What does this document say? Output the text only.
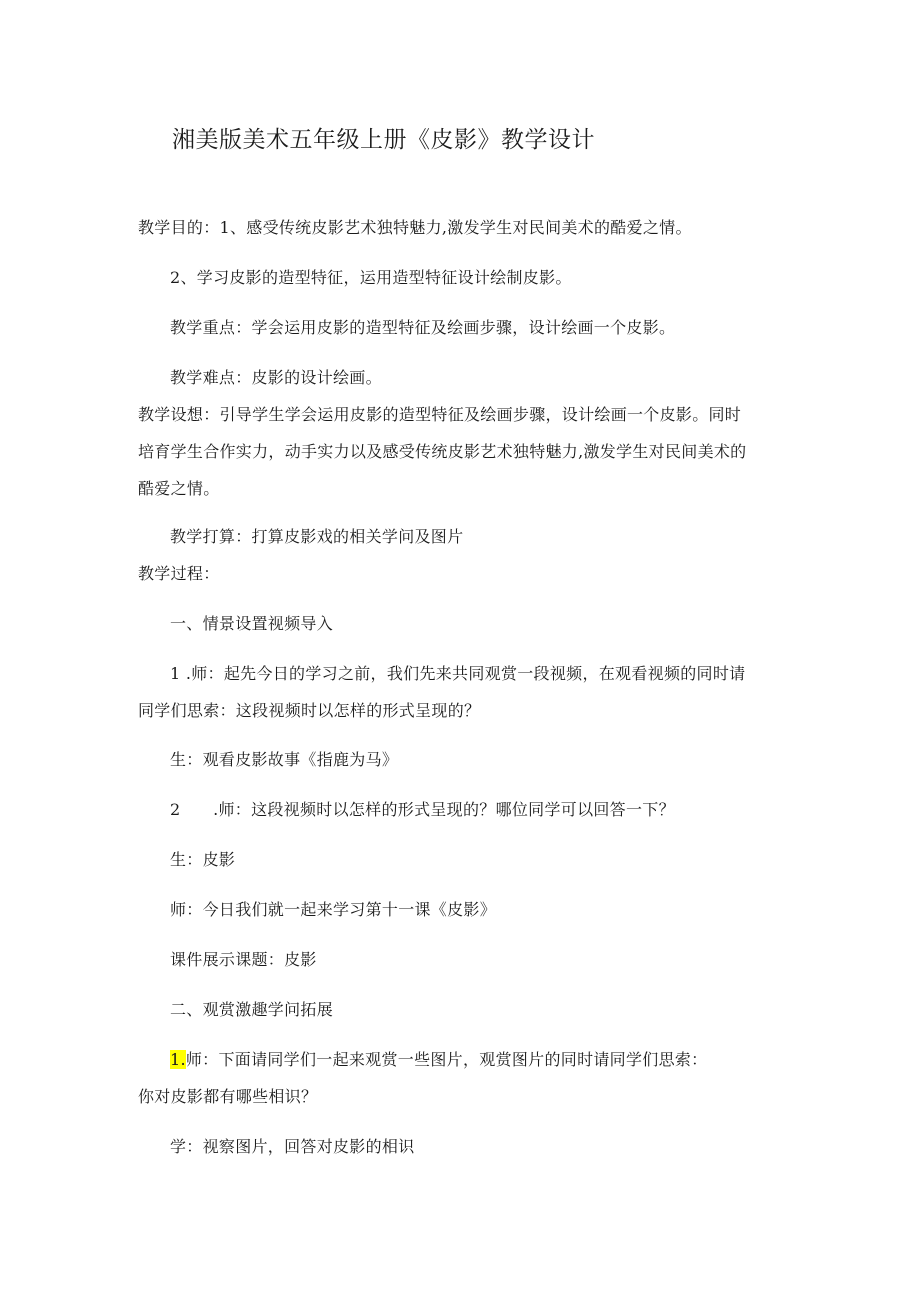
湘美版美术五年级上册《皮影》教学设计
教学目的：1、感受传统皮影艺术独特魅力,激发学生对民间美术的酷爱之情。
2、学习皮影的造型特征，运用造型特征设计绘制皮影。
教学重点：学会运用皮影的造型特征及绘画步骤，设计绘画一个皮影。
教学难点：皮影的设计绘画。
教学设想：引导学生学会运用皮影的造型特征及绘画步骤，设计绘画一个皮影。同时
培育学生合作实力，动手实力以及感受传统皮影艺术独特魅力,激发学生对民间美术的
酷爱之情。
教学打算：打算皮影戏的相关学问及图片
教学过程：
一、情景设置视频导入
1 .师：起先今日的学习之前，我们先来共同观赏一段视频，在观看视频的同时请
同学们思索：这段视频时以怎样的形式呈现的？
生：观看皮影故事《指鹿为马》
2　　.师：这段视频时以怎样的形式呈现的？哪位同学可以回答一下？
生：皮影
师：今日我们就一起来学习第十一课《皮影》
课件展示课题：皮影
二、观赏激趣学问拓展
1.师：下面请同学们一起来观赏一些图片，观赏图片的同时请同学们思索：
你对皮影都有哪些相识？
学：视察图片，回答对皮影的相识
